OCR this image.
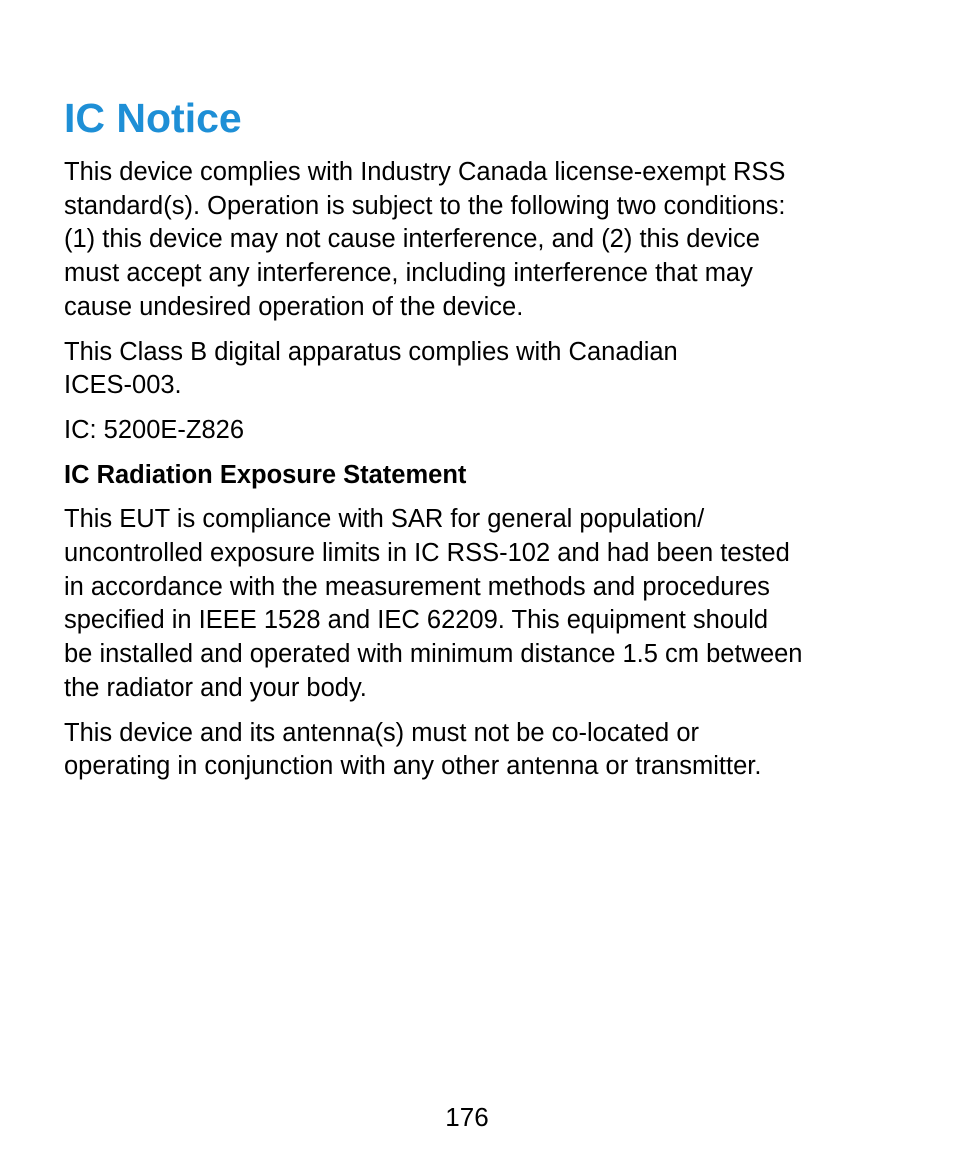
IC Notice

This device complies with Industry Canada license-exempt RSS
standard(s). Operation is subject to the following two conditions:
(1) this device may not cause interference, and (2) this device
must accept any interference, including interference that may
cause undesired operation of the device.

This Class B digital apparatus complies with Canadian
ICES-003.

IC: 5200E-Z826

IC Radiation Exposure Statement

This EUT is compliance with SAR for general population/
uncontrolled exposure limits in IC RSS-102 and had been tested
in accordance with the measurement methods and procedures
specified in IEEE 1528 and IEC 62209. This equipment should
be installed and operated with minimum distance 1.5 cm between
the radiator and your body.

This device and its antenna(s) must not be co-located or
operating in conjunction with any other antenna or transmitter.

176
